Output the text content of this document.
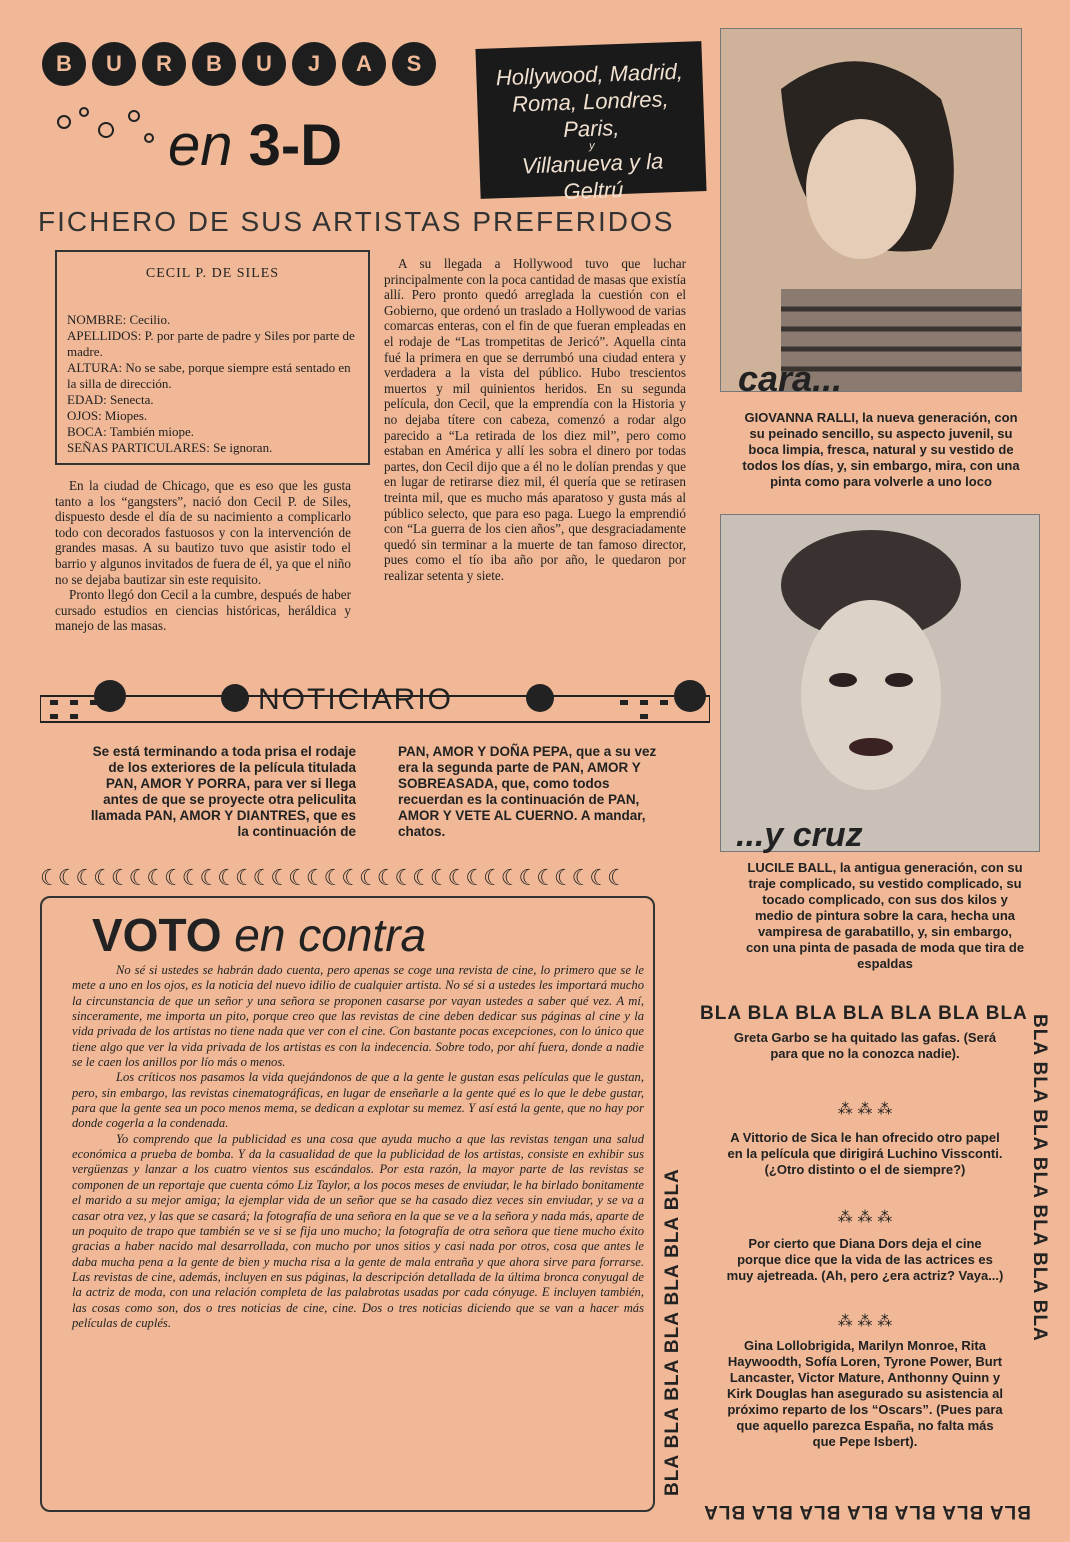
B U R B U J A S
en 3-D
Hollywood, Madrid,
Roma, Londres, Paris,
y
Villanueva y la Geltrú
FICHERO DE SUS ARTISTAS PREFERIDOS
CECIL P. DE SILES
NOMBRE: Cecilio.
APELLIDOS: P. por parte de padre y Siles por parte de madre.
ALTURA: No se sabe, porque siempre está sentado en la silla de dirección.
EDAD: Senecta.
OJOS: Miopes.
BOCA: También miope.
SEÑAS PARTICULARES: Se ignoran.

En la ciudad de Chicago, que es eso que les gusta tanto a los “gangsters”, nació don Cecil P. de Siles, dispuesto desde el día de su nacimiento a complicarlo todo con decorados fastuosos y con la intervención de grandes masas. A su bautizo tuvo que asistir todo el barrio y algunos invitados de fuera de él, ya que el niño no se dejaba bautizar sin este requisito.

Pronto llegó don Cecil a la cumbre, después de haber cursado estudios en ciencias históricas, heráldica y manejo de las masas.

A su llegada a Hollywood tuvo que luchar principalmente con la poca cantidad de masas que existía allí. Pero pronto quedó arreglada la cuestión con el Gobierno, que ordenó un traslado a Hollywood de varias comarcas enteras, con el fin de que fueran empleadas en el rodaje de “Las trompetitas de Jericó”. Aquella cinta fué la primera en que se derrumbó una ciudad entera y verdadera a la vista del público. Hubo trescientos muertos y mil quinientos heridos. En su segunda película, don Cecil, que la emprendía con la Historia y no dejaba títere con cabeza, comenzó a rodar algo parecido a “La retirada de los diez mil”, pero como estaban en América y allí les sobra el dinero por todas partes, don Cecil dijo que a él no le dolían prendas y que en lugar de retirarse diez mil, él quería que se retirasen treinta mil, que es mucho más aparatoso y gusta más al público selecto, que para eso paga. Luego la emprendió con “La guerra de los cien años”, que desgraciadamente quedó sin terminar a la muerte de tan famoso director, pues como el tío iba año por año, le quedaron por realizar setenta y siete.

cara...
GIOVANNA RALLI, la nueva generación, con su peinado sencillo, su aspecto juvenil, su boca limpia, fresca, natural y su vestido de todos los días, y, sin embargo, mira, con una pinta como para volverle a uno loco
...y cruz
LUCILE BALL, la antigua generación, con su traje complicado, su vestido complicado, su tocado complicado, con sus dos kilos y medio de pintura sobre la cara, hecha una vampiresa de garabatillo, y, sin embargo, con una pinta de pasada de moda que tira de espaldas
NOTICIARIO
Se está terminando a toda prisa el rodaje de los exteriores de la película titulada PAN, AMOR Y PORRA, para ver si llega antes de que se proyecte otra peliculita llamada PAN, AMOR Y DIANTRES, que es la continuación de
PAN, AMOR Y DOÑA PEPA, que a su vez era la segunda parte de PAN, AMOR Y SOBREASADA, que, como todos recuerdan es la continuación de PAN, AMOR Y VETE AL CUERNO. A mandar, chatos.
☾☾☾☾☾☾☾☾☾☾☾☾☾☾☾☾☾☾☾☾☾☾☾☾☾☾☾☾☾☾☾☾☾
VOTO en contra

No sé si ustedes se habrán dado cuenta, pero apenas se coge una revista de cine, lo primero que se le mete a uno en los ojos, es la noticia del nuevo idilio de cualquier artista. No sé si a ustedes les importará mucho la circunstancia de que un señor y una señora se proponen casarse por vayan ustedes a saber qué vez. A mí, sinceramente, me importa un pito, porque creo que las revistas de cine deben dedicar sus páginas al cine y la vida privada de los artistas no tiene nada que ver con el cine. Con bastante pocas excepciones, con lo único que tiene algo que ver la vida privada de los artistas es con la indecencia. Sobre todo, por ahí fuera, donde a nadie se le caen los anillos por lío más o menos.

Los críticos nos pasamos la vida quejándonos de que a la gente le gustan esas películas que le gustan, pero, sin embargo, las revistas cinematográficas, en lugar de enseñarle a la gente qué es lo que le debe gustar, para que la gente sea un poco menos mema, se dedican a explotar su memez. Y así está la gente, que no hay por donde cogerla a la condenada.

Yo comprendo que la publicidad es una cosa que ayuda mucho a que las revistas tengan una salud económica a prueba de bomba. Y da la casualidad de que la publicidad de los artistas, consiste en exhibir sus vergüenzas y lanzar a los cuatro vientos sus escándalos. Por esta razón, la mayor parte de las revistas se componen de un reportaje que cuenta cómo Liz Taylor, a los pocos meses de enviudar, le ha birlado bonitamente el marido a su mejor amiga; la ejemplar vida de un señor que se ha casado diez veces sin enviudar, y se va a casar otra vez, y las que se casará; la fotografía de una señora en la que se ve a la señora y nada más, aparte de un poquito de trapo que también se ve si se fija uno mucho; la fotografía de otra señora que tiene mucho éxito gracias a haber nacido mal desarrollada, con mucho por unos sitios y casi nada por otros, cosa que antes le daba mucha pena a la gente de bien y mucha risa a la gente de mala entraña y que ahora sirve para forrarse. Las revistas de cine, además, incluyen en sus páginas, la descripción detallada de la última bronca conyugal de la actriz de moda, con una relación completa de las palabrotas usadas por cada cónyuge. E incluyen también, las cosas como son, dos o tres noticias de cine, cine. Dos o tres noticias diciendo que se van a hacer más películas de cuplés.

BLA BLA BLA BLA BLA BLA BLA
BLA BLA BLA BLA BLA BLA BLA
BLA BLA BLA BLA BLA BLA BLA	BLA BLA BLA BLA BLA BLA BLA
Greta Garbo se ha quitado las gafas. (Será para que no la conozca nadie).
⁂ ⁂ ⁂
A Vittorio de Sica le han ofrecido otro papel en la película que dirigirá Luchino Vissconti. (¿Otro distinto o el de siempre?)
⁂ ⁂ ⁂
Por cierto que Diana Dors deja el cine porque dice que la vida de las actrices es muy ajetreada. (Ah, pero ¿era actriz? Vaya...)
⁂ ⁂ ⁂
Gina Lollobrigida, Marilyn Monroe, Rita Haywoodth, Sofía Loren, Tyrone Power, Burt Lancaster, Victor Mature, Anthonny Quinn y Kirk Douglas han asegurado su asistencia al próximo reparto de los “Oscars”. (Pues para que aquello parezca España, no falta más que Pepe Isbert).
